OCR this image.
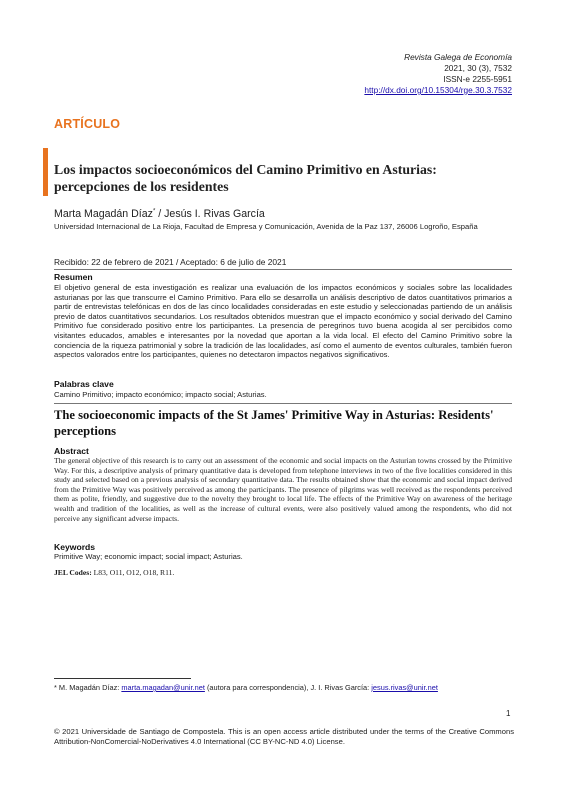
Revista Galega de Economía
2021, 30 (3), 7532
ISSN-e 2255-5951
http://dx.doi.org/10.15304/rge.30.3.7532
ARTÍCULO
Los impactos socioeconómicos del Camino Primitivo en Asturias:
percepciones de los residentes
Marta Magadán Díaz* / Jesús I. Rivas García
Universidad Internacional de La Rioja, Facultad de Empresa y Comunicación, Avenida de la Paz 137, 26006 Logroño, España
Recibido: 22 de febrero de 2021 / Aceptado: 6 de julio de 2021
Resumen

El objetivo general de esta investigación es realizar una evaluación de los impactos económicos y sociales sobre las localidades asturianas por las que transcurre el Camino Primitivo. Para ello se desarrolla un análisis descriptivo de datos cuantitativos primarios a partir de entrevistas telefónicas en dos de las cinco localidades consideradas en este estudio y seleccionadas partiendo de un análisis previo de datos cuantitativos secundarios. Los resultados obtenidos muestran que el impacto económico y social derivado del Camino Primitivo fue considerado positivo entre los participantes. La presencia de peregrinos tuvo buena acogida al ser percibidos como visitantes educados, amables e interesantes por la novedad que aportan a la vida local. El efecto del Camino Primitivo sobre la conciencia de la riqueza patrimonial y sobre la tradición de las localidades, así como el aumento de eventos culturales, también fueron aspectos valorados entre los participantes, quienes no detectaron impactos negativos significativos.

Palabras clave
Camino Primitivo; impacto económico; impacto social; Asturias.
The socioeconomic impacts of the St James' Primitive Way in Asturias: Residents'
perceptions
Abstract

The general objective of this research is to carry out an assessment of the economic and social impacts on the Asturian towns crossed by the Primitive Way. For this, a descriptive analysis of primary quantitative data is developed from telephone interviews in two of the five localities considered in this study and selected based on a previous analysis of secondary quantitative data. The results obtained show that the economic and social impact derived from the Primitive Way was positively perceived as among the participants. The presence of pilgrims was well received as the respondents perceived them as polite, friendly, and suggestive due to the novelty they brought to local life. The effects of the Primitive Way on awareness of the heritage wealth and tradition of the localities, as well as the increase of cultural events, were also positively valued among the respondents, who did not perceive any significant adverse impacts.

Keywords
Primitive Way; economic impact; social impact; Asturias.
JEL Codes: L83, O11, O12, O18, R11.
* M. Magadán Díaz: marta.magadan@unir.net (autora para correspondencia), J. I. Rivas García: jesus.rivas@unir.net
1
© 2021 Universidade de Santiago de Compostela. This is an open access article distributed under the terms of the Creative Commons Attribution-NonComercial-NoDerivatives 4.0 International (CC BY-NC-ND 4.0) License.
